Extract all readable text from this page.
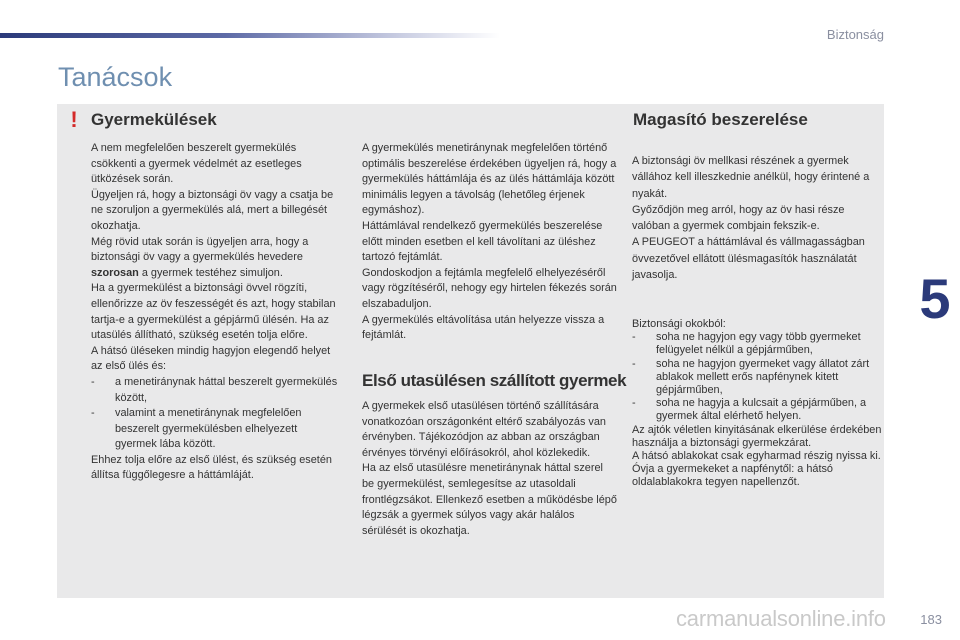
Biztonság
5
Tanácsok
! Gyermekülések	Magasító beszerelése

A nem megfelelően beszerelt gyermekülés csökkenti a gyermek védelmét az esetleges ütközések során.

Ügyeljen rá, hogy a biztonsági öv vagy a csatja be ne szoruljon a gyermekülés alá, mert a billegését okozhatja.

Még rövid utak során is ügyeljen arra, hogy a biztonsági öv vagy a gyermekülés hevedere szorosan a gyermek testéhez simuljon.

Ha a gyermekülést a biztonsági övvel rögzíti, ellenőrizze az öv feszességét és azt, hogy stabilan tartja-e a gyermekülést a gépjármű ülésén. Ha az utasülés állítható, szükség esetén tolja előre.

A hátsó üléseken mindig hagyjon elegendő helyet az első ülés és:

-	a menetiránynak háttal beszerelt gyermekülés között,
-	valamint a menetiránynak megfelelően beszerelt gyermekülésben elhelyezett gyermek lába között.

Ehhez tolja előre az első ülést, és szükség esetén állítsa függőlegesre a háttámláját.

A gyermekülés menetiránynak megfelelően történő optimális beszerelése érdekében ügyeljen rá, hogy a gyermekülés háttámlája és az ülés háttámlája között minimális legyen a távolság (lehetőleg érjenek egymáshoz).

Háttámlával rendelkező gyermekülés beszerelése előtt minden esetben el kell távolítani az üléshez tartozó fejtámlát.

Gondoskodjon a fejtámla megfelelő elhelyezéséről vagy rögzítéséről, nehogy egy hirtelen fékezés során elszabaduljon.

A gyermekülés eltávolítása után helyezze vissza a fejtámlát.

Első utasülésen szállított gyermek

A gyermekek első utasülésen történő szállítására vonatkozóan országonként eltérő szabályozás van érvényben. Tájékozódjon az abban az országban érvényes törvényi előírásokról, ahol közlekedik.

Ha az első utasülésre menetiránynak háttal szerel be gyermekülést, semlegesítse az utasoldali frontlégzsákot. Ellenkező esetben a működésbe lépő légzsák a gyermek súlyos vagy akár halálos sérülését is okozhatja.

A biztonsági öv mellkasi részének a gyermek vállához kell illeszkednie anélkül, hogy érintené a nyakát.

Győződjön meg arról, hogy az öv hasi része valóban a gyermek combjain fekszik-e.

A PEUGEOT a háttámlával és vállmagasságban övvezetővel ellátott ülésmagasítók használatát javasolja.

Biztonsági okokból:

-	soha ne hagyjon egy vagy több gyermeket felügyelet nélkül a gépjárműben,
-	soha ne hagyjon gyermeket vagy állatot zárt ablakok mellett erős napfénynek kitett gépjárműben,
-	soha ne hagyja a kulcsait a gépjárműben, a gyermek által elérhető helyen.

Az ajtók véletlen kinyitásának elkerülése érdekében használja a biztonsági gyermekzárat.

A hátsó ablakokat csak egyharmad részig nyissa ki.

Óvja a gyermekeket a napfénytől: a hátsó oldalablakokra tegyen napellenzőt.

carmanualsonline.info	183
